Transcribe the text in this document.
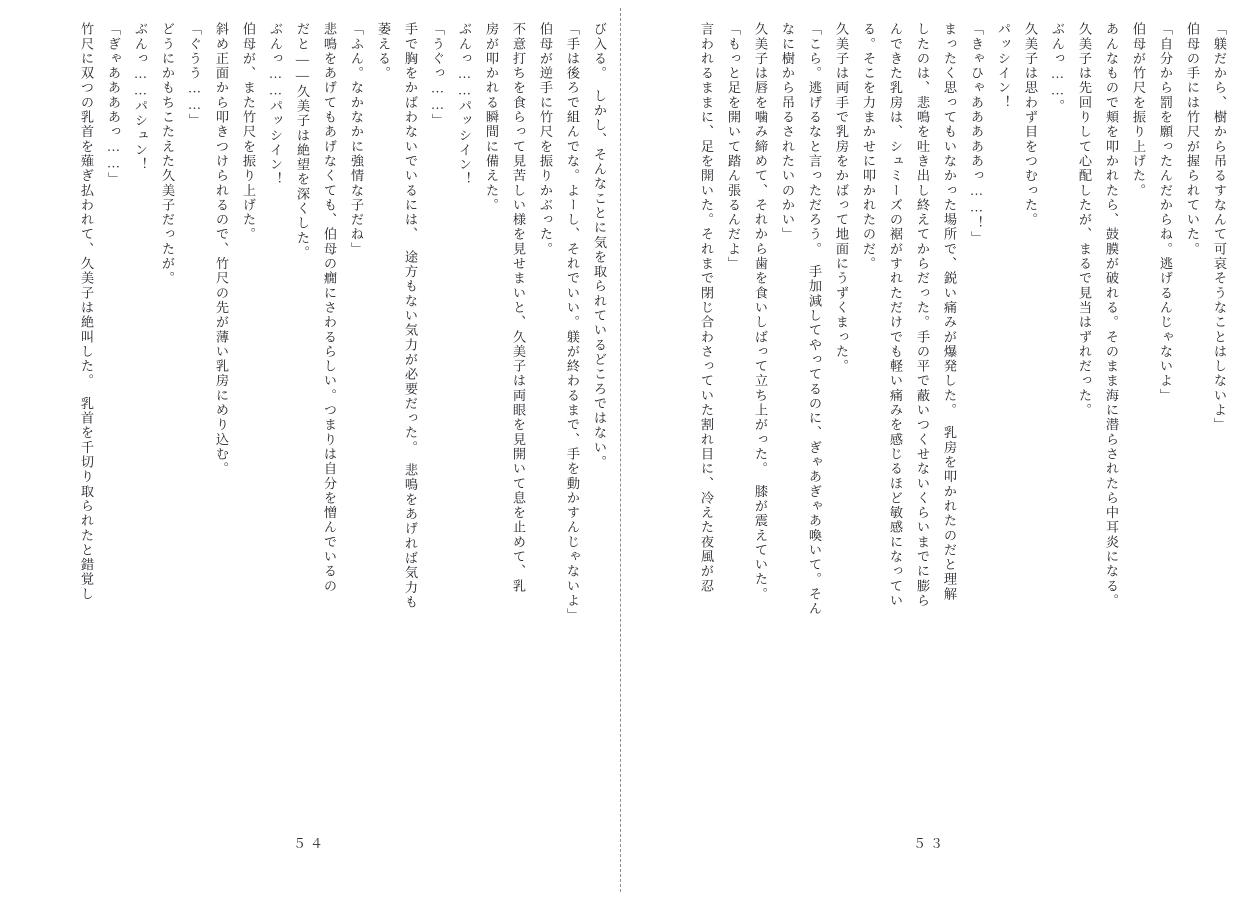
び入る。　しかし、そんなことに気を取られているどころではない。
「手は後ろで組んでな。よーし、それでいい。躾が終わるまで、手を動かすんじゃないよ」
伯母が逆手に竹尺を振りかぶった。
不意打ちを食らって見苦しい様を見せまいと、久美子は両眼を見開いて息を止めて、乳
房が叩かれる瞬間に備えた。
ぶんっ……パッシイン！
「うぐっ……」
手で胸をかばわないでいるには、　途方もない気力が必要だった。　悲鳴をあげれば気力も
萎える。
「ふん。なかなかに強情な子だね」
悲鳴をあげてもあげなくても、伯母の癇にさわるらしい。つまりは自分を憎んでいるの
だと――久美子は絶望を深くした。
ぶんっ……パッシイン！
伯母が、また竹尺を振り上げた。
斜め正面から叩きつけられるので、竹尺の先が薄い乳房にめり込む。
「ぐうう……」
どうにかもちこたえた久美子だったが。
ぶんっ……パシュン！
「ぎゃああああっ……」
竹尺に双つの乳首を薙ぎ払われて、久美子は絶叫した。　乳首を千切り取られたと錯覚し
５４
「躾だから、樹から吊るすなんて可哀そうなことはしないよ」
伯母の手には竹尺が握られていた。
「自分から罰を願ったんだからね。逃げるんじゃないよ」
伯母が竹尺を振り上げた。
あんなもので頬を叩かれたら、鼓膜が破れる。そのまま海に潜らされたら中耳炎になる。
久美子は先回りして心配したが、まるで見当はずれだった。
ぶんっ……。
久美子は思わず目をつむった。
パッシイン！
「きゃひゃあああああっ……！」
まったく思ってもいなかった場所で、鋭い痛みが爆発した。　乳房を叩かれたのだと理解
したのは、悲鳴を吐き出し終えてからだった。手の平で蔽いつくせないくらいまでに膨ら
んできた乳房は、シュミーズの裾がすれただけでも軽い痛みを感じるほど敏感になってい
る。そこを力まかせに叩かれたのだ。
久美子は両手で乳房をかばって地面にうずくまった。
「こら。逃げるなと言っただろう。　手加減してやってるのに、ぎゃあぎゃあ喚いて。そん
なに樹から吊るされたいのかい」
久美子は唇を噛み締めて、それから歯を食いしばって立ち上がった。　膝が震えていた。
「もっと足を開いて踏ん張るんだよ」
言われるままに、足を開いた。それまで閉じ合わさっていた割れ目に、冷えた夜風が忍
５３
